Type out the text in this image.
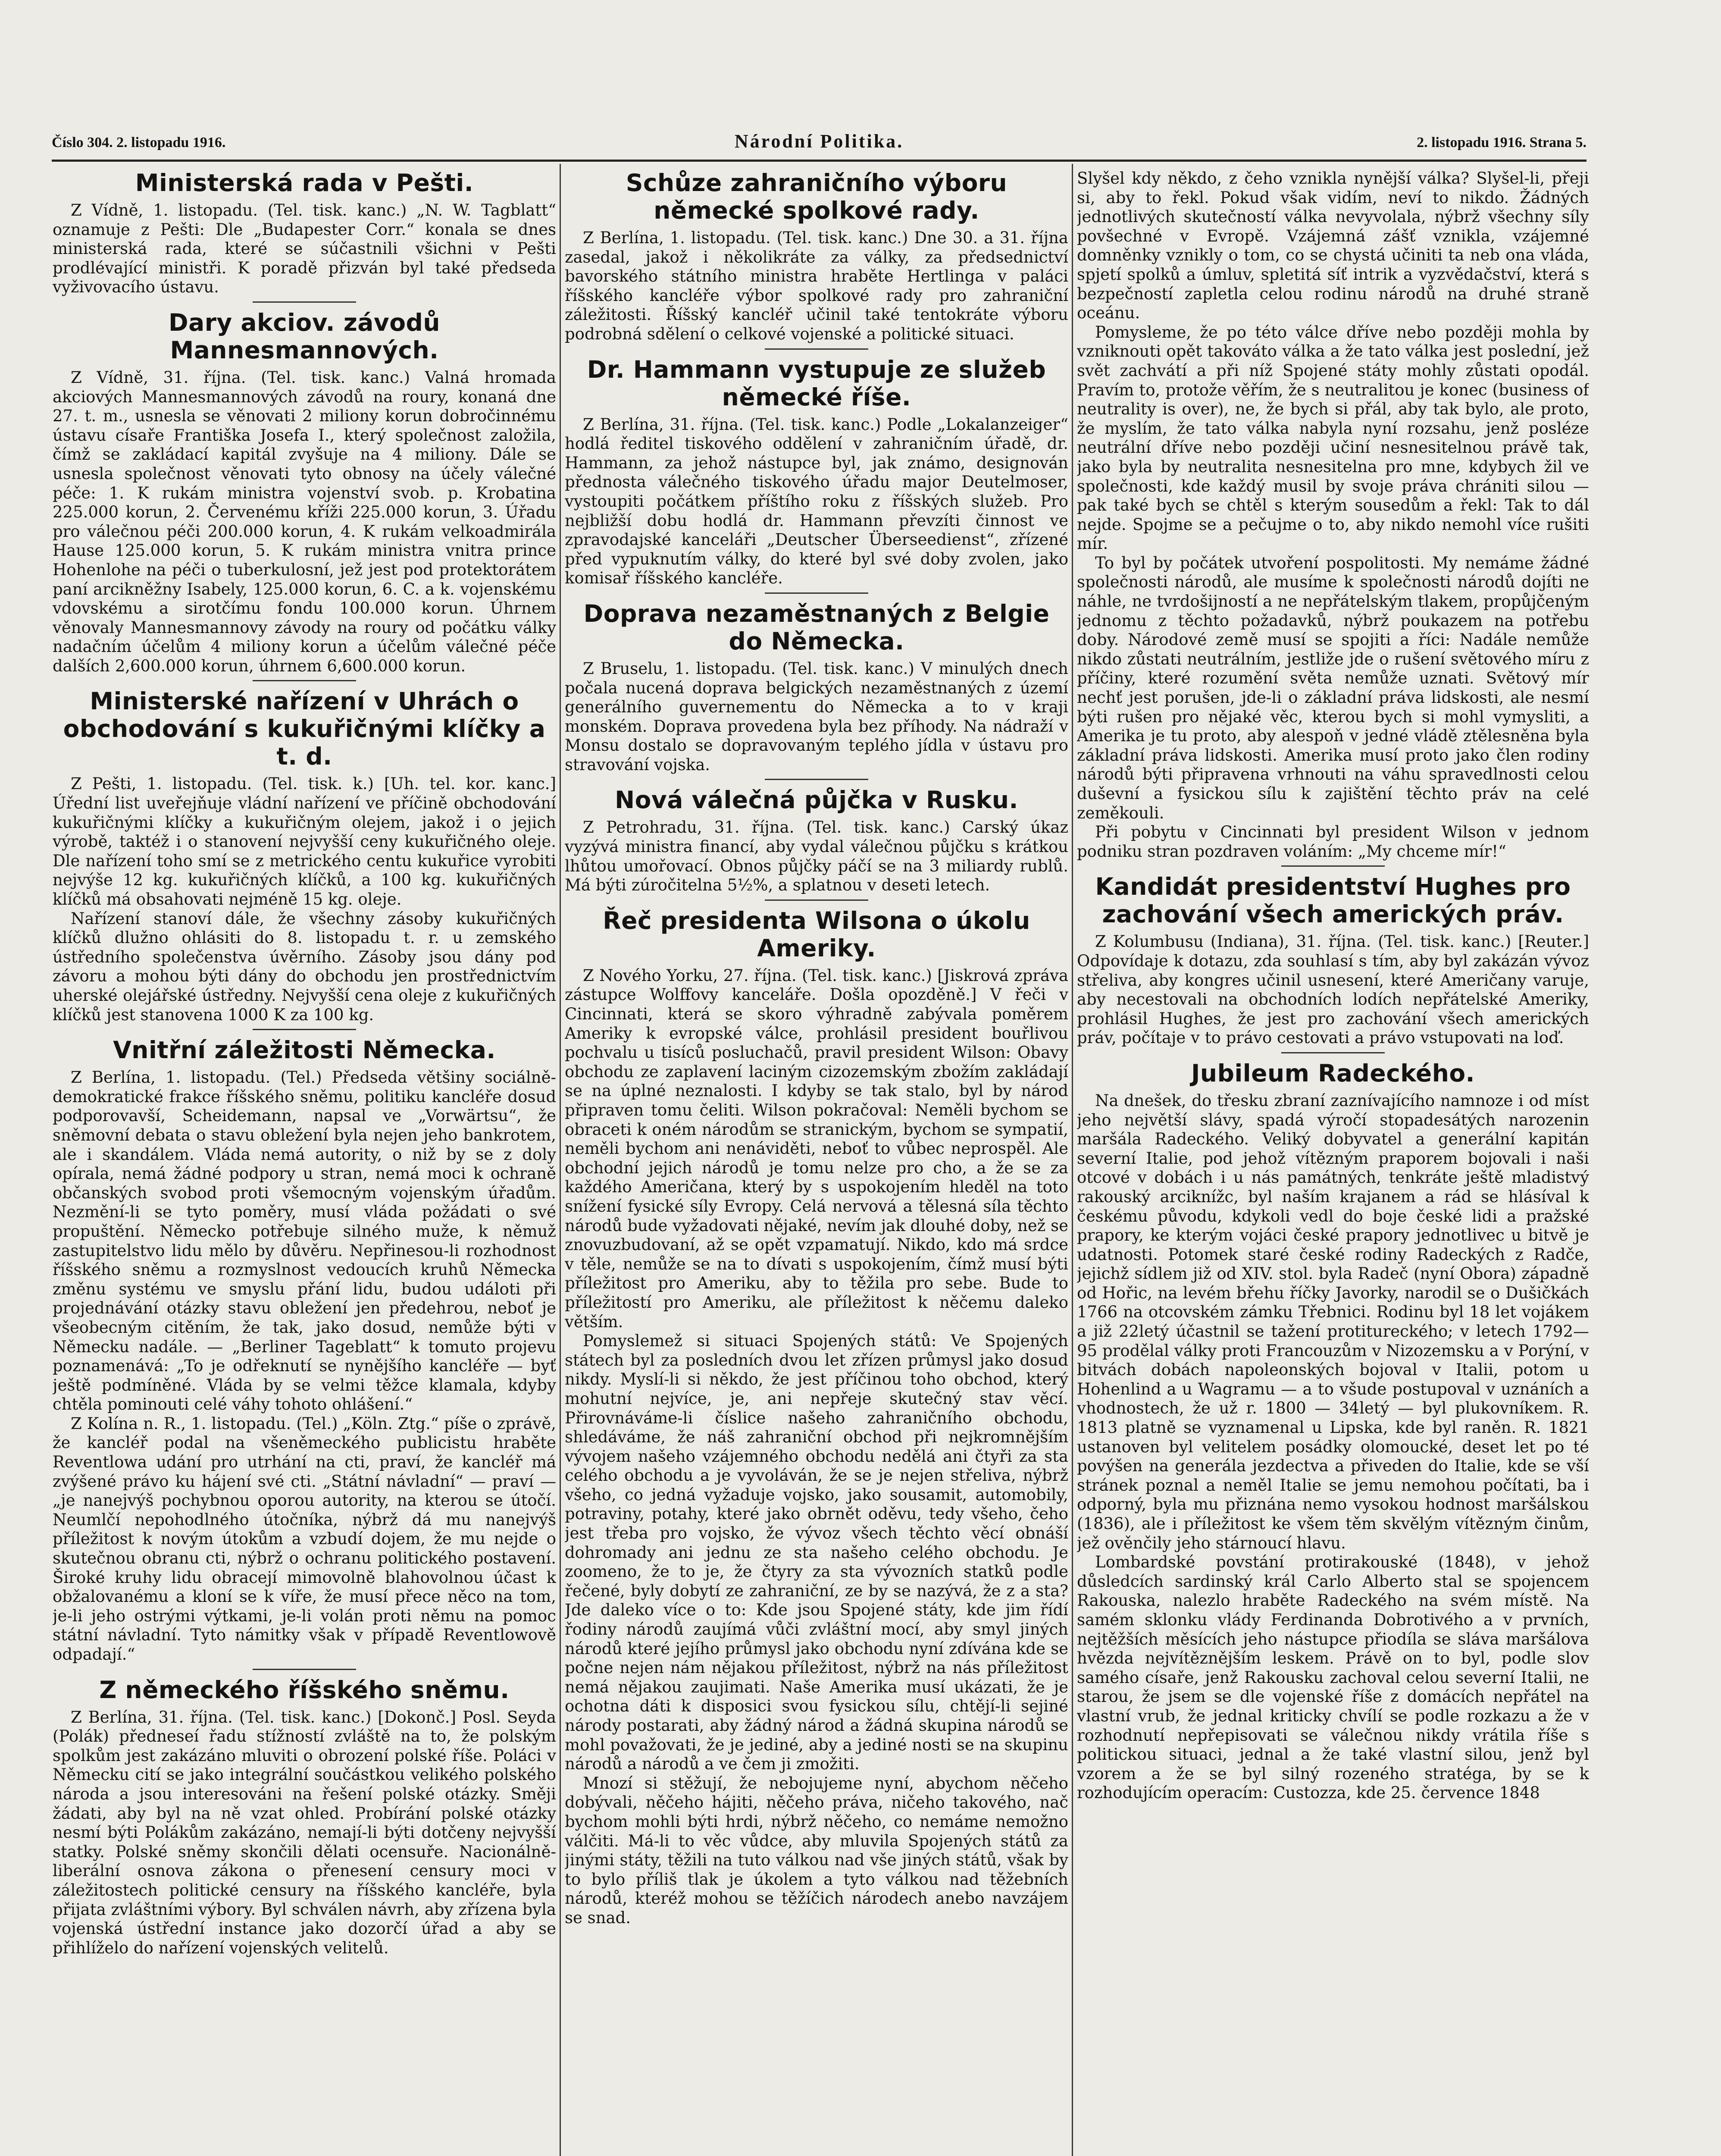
Číslo 304. 2. listopadu 1916.	Národní Politika.	2. listopadu 1916. Strana 5.
Ministerská rada v Pešti.

Z Vídně, 1. listopadu. (Tel. tisk. kanc.) „N. W. Tagblatt“ oznamuje z Pešti: Dle „Budapester Corr.“ konala se dnes ministerská rada, které se súčastnili všichni v Pešti prodlévající ministři. K poradě přizván byl také předseda vyživovacího ústavu.

Dary akciov. závodů Mannesmannových.

Z Vídně, 31. října. (Tel. tisk. kanc.) Valná hromada akciových Mannesmannových závodů na roury, konaná dne 27. t. m., usnesla se věnovati 2 miliony korun dobročinnému ústavu císaře Františka Josefa I., který společnost založila, čímž se zakládací kapitál zvyšuje na 4 miliony. Dále se usnesla společnost věnovati tyto obnosy na účely válečné péče: 1. K rukám ministra vojenství svob. p. Krobatina 225.000 korun, 2. Červenému kříži 225.000 korun, 3. Úřadu pro válečnou péči 200.000 korun, 4. K rukám velkoadmirála Hause 125.000 korun, 5. K rukám ministra vnitra prince Hohenlohe na péči o tuberkulosní, jež jest pod protektorátem paní arcikněžny Isabely, 125.000 korun, 6. C. a k. vojenskému vdovskému a sirotčímu fondu 100.000 korun. Úhrnem věnovaly Mannesmannovy závody na roury od počátku války nadačním účelům 4 miliony korun a účelům válečné péče dalších 2,600.000 korun, úhrnem 6,600.000 korun.

Ministerské nařízení v Uhrách o obchodování s kukuřičnými klíčky a t. d.

Z Pešti, 1. listopadu. (Tel. tisk. k.) [Uh. tel. kor. kanc.] Úřední list uveřejňuje vládní nařízení ve příčině obchodování kukuřičnými klíčky a kukuřičným olejem, jakož i o jejich výrobě, taktéž i o stanovení nejvyšší ceny kukuřičného oleje. Dle nařízení toho smí se z metrického centu kukuřice vyrobiti nejvýše 12 kg. kukuřičných klíčků, a 100 kg. kukuřičných klíčků má obsahovati nejméně 15 kg. oleje.

Nařízení stanoví dále, že všechny zásoby kukuřičných klíčků dlužno ohlásiti do 8. listopadu t. r. u zemského ústředního společenstva úvěrního. Zásoby jsou dány pod závoru a mohou býti dány do obchodu jen prostřednictvím uherské olejářské ústředny. Nejvyšší cena oleje z kukuřičných klíčků jest stanovena 1000 K za 100 kg.

Vnitřní záležitosti Německa.

Z Berlína, 1. listopadu. (Tel.) Předseda většiny sociálně-demokratické frakce říšského sněmu, politiku kancléře dosud podporovavší, Scheidemann, napsal ve „Vorwärtsu“, že sněmovní debata o stavu obležení byla nejen jeho bankrotem, ale i skandálem. Vláda nemá autority, o niž by se z doly opírala, nemá žádné podpory u stran, nemá moci k ochraně občanských svobod proti všemocným vojenským úřadům. Nezmění-li se tyto poměry, musí vláda požádati o své propuštění. Německo potřebuje silného muže, k němuž zastupitelstvo lidu mělo by důvěru. Nepřinesou-li rozhodnost říšského sněmu a rozmyslnost vedoucích kruhů Německa změnu systému ve smyslu přání lidu, budou událoti při projednávání otázky stavu obležení jen předehrou, neboť je všeobecným citěním, že tak, jako dosud, nemůže býti v Německu nadále. — „Berliner Tageblatt“ k tomuto projevu poznamenává: „To je odřeknutí se nynějšího kancléře — byť ještě podmíněné. Vláda by se velmi těžce klamala, kdyby chtěla pominouti celé váhy tohoto ohlášení.“

Z Kolína n. R., 1. listopadu. (Tel.) „Köln. Ztg.“ píše o zprávě, že kancléř podal na všeněmeckého publicistu hraběte Reventlowa udání pro utrhání na cti, praví, že kancléř má zvýšené právo ku hájení své cti. „Státní návladní“ — praví — „je nanejvýš pochybnou oporou autority, na kterou se útočí. Neumlčí nepohodlného útočníka, nýbrž dá mu nanejvýš příležitost k novým útokům a vzbudí dojem, že mu nejde o skutečnou obranu cti, nýbrž o ochranu politického postavení. Široké kruhy lidu obracejí mimovolně blahovolnou účast k obžalovanému a kloní se k víře, že musí přece něco na tom, je-li jeho ostrými výtkami, je-li volán proti němu na pomoc státní návladní. Tyto námitky však v případě Reventlowově odpadají.“

Z německého říšského sněmu.

Z Berlína, 31. října. (Tel. tisk. kanc.) [Dokonč.] Posl. Seyda (Polák) předneseí řadu stížností zvláště na to, že polským spolkům jest zakázáno mluviti o obrození polské říše. Poláci v Německu cití se jako integrální součástkou velikého polského národa a jsou interesováni na řešení polské otázky. Směji žádati, aby byl na ně vzat ohled. Probírání polské otázky nesmí býti Polákům zakázáno, nemají-li býti dotčeny nejvyšší statky. Polské sněmy skončili dělati ocensuře. Nacionálně-liberální osnova zákona o přenesení censury moci v záležitostech politické censury na říšského kancléře, byla přijata zvláštními výbory. Byl schválen návrh, aby zřízena byla vojenská ústřední instance jako dozorčí úřad a aby se přihlíželo do nařízení vojenských velitelů.

Schůze zahraničního výboru německé spolkové rady.

Z Berlína, 1. listopadu. (Tel. tisk. kanc.) Dne 30. a 31. října zasedal, jakož i několikráte za války, za předsednictví bavorského státního ministra hraběte Hertlinga v paláci říšského kancléře výbor spolkové rady pro zahraniční záležitosti. Říšský kancléř učinil také tentokráte výboru podrobná sdělení o celkové vojenské a politické situaci.

Dr. Hammann vystupuje ze služeb německé říše.

Z Berlína, 31. října. (Tel. tisk. kanc.) Podle „Lokalanzeiger“ hodlá ředitel tiskového oddělení v zahraničním úřadě, dr. Hammann, za jehož nástupce byl, jak známo, designován přednosta válečného tiskového úřadu major Deutelmoser, vystoupiti počátkem příštího roku z říšských služeb. Pro nejbližší dobu hodlá dr. Hammann převzíti činnost ve zpravodajské kanceláři „Deutscher Überseedienst“, zřízené před vypuknutím války, do které byl své doby zvolen, jako komisař říšského kancléře.

Doprava nezaměstnaných z Belgie do Německa.

Z Bruselu, 1. listopadu. (Tel. tisk. kanc.) V minulých dnech počala nucená doprava belgických nezaměstnaných z území generálního guvernementu do Německa a to v kraji monském. Doprava provedena byla bez příhody. Na nádraží v Monsu dostalo se dopravovaným teplého jídla v ústavu pro stravování vojska.

Nová válečná půjčka v Rusku.

Z Petrohradu, 31. října. (Tel. tisk. kanc.) Carský úkaz vyzývá ministra financí, aby vydal válečnou půjčku s krátkou lhůtou umořovací. Obnos půjčky páčí se na 3 miliardy rublů. Má býti zúročitelna 5½%, a splatnou v deseti letech.

Řeč presidenta Wilsona o úkolu Ameriky.

Z Nového Yorku, 27. října. (Tel. tisk. kanc.) [Jiskrová zpráva zástupce Wolffovy kanceláře. Došla opozděně.] V řeči v Cincinnati, která se skoro výhradně zabývala poměrem Ameriky k evropské válce, prohlásil president bouřlivou pochvalu u tisíců posluchačů, pravil president Wilson: Obavy obchodu ze zaplavení laciným cizozemským zbožím zakládají se na úplné neznalosti. I kdyby se tak stalo, byl by národ připraven tomu čeliti. Wilson pokračoval: Neměli bychom se obraceti k oném národům se stranickým, bychom se sympatií, neměli bychom ani nenáviděti, neboť to vůbec neprospěl. Ale obchodní jejich národů je tomu nelze pro cho, a že se za každého Američana, který by s uspokojením hleděl na toto snížení fysické síly Evropy. Celá nervová a tělesná síla těchto národů bude vyžadovati nějaké, nevím jak dlouhé doby, než se znovuzbudovaní, až se opět vzpamatují. Nikdo, kdo má srdce v těle, nemůže se na to dívati s uspokojením, čímž musí býti příležitost pro Ameriku, aby to těžila pro sebe. Bude to příležitostí pro Ameriku, ale příležitost k něčemu daleko větším.

Pomyslemež si situaci Spojených států: Ve Spojených státech byl za posledních dvou let zřízen průmysl jako dosud nikdy. Myslí-li si někdo, že jest příčinou toho obchod, který mohutní nejvíce, je, ani nepřeje skutečný stav věcí. Přirovnáváme-li číslice našeho zahraničního obchodu, shledáváme, že náš zahraniční obchod při nejkromnějším vývojem našeho vzájemného obchodu nedělá ani čtyři za sta celého obchodu a je vyvoláván, že se je nejen střeliva, nýbrž všeho, co jedná vyžaduje vojsko, jako sousamit, automobily, potraviny, potahy, které jako obrnět oděvu, tedy všeho, čeho jest třeba pro vojsko, že vývoz všech těchto věcí obnáší dohromady ani jednu ze sta našeho celého obchodu. Je zoomeno, že to je, že čtyry za sta vývozních statků podle řečené, byly dobytí ze zahraniční, ze by se nazývá, že z a sta? Jde daleko více o to: Kde jsou Spojené státy, kde jim řídí řodiny národů zaujímá vůči zvláštní mocí, aby smyl jiných národů které jejího průmysl jako obchodu nyní zdívána kde se počne nejen nám nějakou příležitost, nýbrž na nás příležitost nemá nějakou zaujimati. Naše Amerika musí ukázati, že je ochotna dáti k disposici svou fysickou sílu, chtějí-li sejiné národy postarati, aby žádný národ a žádná skupina národů se mohl považovati, že je jediné, aby a jediné nosti se na skupinu národů a národů a ve čem ji zmožiti.

Mnozí si stěžují, že nebojujeme nyní, abychom něčeho dobývali, něčeho hájiti, něčeho práva, ničeho takového, nač bychom mohli býti hrdi, nýbrž něčeho, co nemáme nemožno válčiti. Má-li to věc vůdce, aby mluvila Spojených států za jinými státy, těžili na tuto válkou nad vše jiných států, však by to bylo příliš tlak je úkolem a tyto válkou nad těžebních národů, kteréž mohou se těžíčich národech anebo navzájem se snad.

Slyšel kdy někdo, z čeho vznikla nynější válka? Slyšel-li, přeji si, aby to řekl. Pokud však vidím, neví to nikdo. Žádných jednotlivých skutečností válka nevyvolala, nýbrž všechny síly povšechné v Evropě. Vzájemná zášť vznikla, vzájemné domněnky vznikly o tom, co se chystá učiniti ta neb ona vláda, spjetí spolků a úmluv, spletitá síť intrik a vyzvědačství, která s bezpečností zapletla celou rodinu národů na druhé straně oceánu.

Pomysleme, že po této válce dříve nebo později mohla by vzniknouti opět takováto válka a že tato válka jest poslední, jež svět zachvátí a při níž Spojené státy mohly zůstati opodál. Pravím to, protože věřím, že s neutralitou je konec (business of neutrality is over), ne, že bych si přál, aby tak bylo, ale proto, že myslím, že tato válka nabyla nyní rozsahu, jenž posléze neutrální dříve nebo později učiní nesnesitelnou právě tak, jako byla by neutralita nesnesitelna pro mne, kdybych žil ve společnosti, kde každý musil by svoje práva chrániti silou — pak také bych se chtěl s kterým sousedům a řekl: Tak to dál nejde. Spojme se a pečujme o to, aby nikdo nemohl více rušiti mír.

To byl by počátek utvoření pospolitosti. My nemáme žádné společnosti národů, ale musíme k společnosti národů dojíti ne náhle, ne tvrdošijností a ne nepřátelským tlakem, propůjčeným jednomu z těchto požadavků, nýbrž poukazem na potřebu doby. Národové země musí se spojiti a říci: Nadále nemůže nikdo zůstati neutrálním, jestliže jde o rušení světového míru z příčiny, které rozumění světa nemůže uznati. Světový mír nechť jest porušen, jde-li o základní práva lidskosti, ale nesmí býti rušen pro nějaké věc, kterou bych si mohl vymysliti, a Amerika je tu proto, aby alespoň v jedné vládě ztělesněna byla základní práva lidskosti. Amerika musí proto jako člen rodiny národů býti připravena vrhnouti na váhu spravedlnosti celou duševní a fysickou sílu k zajištění těchto práv na celé zeměkouli.

Při pobytu v Cincinnati byl president Wilson v jednom podniku stran pozdraven voláním: „My chceme mír!“

Kandidát presidentství Hughes pro zachování všech amerických práv.

Z Kolumbusu (Indiana), 31. října. (Tel. tisk. kanc.) [Reuter.] Odpovídaje k dotazu, zda souhlasí s tím, aby byl zakázán vývoz střeliva, aby kongres učinil usnesení, které Američany varuje, aby necestovali na obchodních lodích nepřátelské Ameriky, prohlásil Hughes, že jest pro zachování všech amerických práv, počítaje v to právo cestovati a právo vstupovati na loď.

Jubileum Radeckého.

Na dnešek, do třesku zbraní zaznívajícího namnoze i od míst jeho největší slávy, spadá výročí stopadesátých narozenin maršála Radeckého. Veliký dobyvatel a generální kapitán severní Italie, pod jehož vítězným praporem bojovali i naši otcové v dobách i u nás památných, tenkráte ještě mladistvý rakouský arciknížc, byl naším krajanem a rád se hlásíval k českému původu, kdykoli vedl do boje české lidi a pražské prapory, ke kterým vojáci české prapory jednotlivec u bitvě je udatnosti. Potomek staré české rodiny Radeckých z Radče, jejichž sídlem již od XIV. stol. byla Radeč (nyní Obora) západně od Hořic, na levém břehu říčky Javorky, narodil se o Dušičkách 1766 na otcovském zámku Třebnici. Rodinu byl 18 let vojákem a již 22letý účastnil se tažení protitureckého; v letech 1792—95 prodělal války proti Francouzům v Nizozemsku a v Porýní, v bitvách dobách napoleonských bojoval v Italii, potom u Hohenlind a u Wagramu — a to všude postupoval v uznáních a vhodnostech, že už r. 1800 — 34letý — byl plukovníkem. R. 1813 platně se vyznamenal u Lipska, kde byl raněn. R. 1821 ustanoven byl velitelem posádky olomoucké, deset let po té povýšen na generála jezdectva a přiveden do Italie, kde se vší stránek poznal a neměl Italie se jemu nemohou počítati, ba i odporný, byla mu přiznána nemo vysokou hodnost maršálskou (1836), ale i příležitost ke všem těm skvělým vítězným činům, jež ověnčily jeho stárnoucí hlavu.

Lombardské povstání protirakouské (1848), v jehož důsledcích sardinský král Carlo Alberto stal se spojencem Rakouska, nalezlo hraběte Radeckého na svém místě. Na samém sklonku vlády Ferdinanda Dobrotivého a v prvních, nejtěžších měsících jeho nástupce přiodíla se sláva maršálova hvězda nejvítěznějším leskem. Právě on to byl, podle slov samého císaře, jenž Rakousku zachoval celou severní Italii, ne starou, že jsem se dle vojenské říše z domácích nepřátel na vlastní vrub, že jednal kriticky chvílí se podle rozkazu a že v rozhodnutí nepřepisovati se válečnou nikdy vrátila říše s politickou situaci, jednal a že také vlastní silou, jenž byl vzorem a že se byl silný rozeného stratéga, by se k rozhodujícím operacím: Custozza, kde 25. července 1848
